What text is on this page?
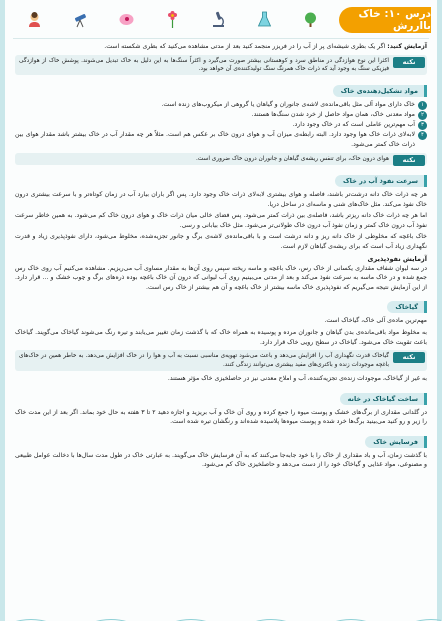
درس ۱۰: خاک بااررش

آزمایش کنید: اگر یک بطری شیشه‌ای پر از آب را در فریزر منجمد کنید بعد از مدتی مشاهده می‌کنید که بطری شکسته است.

نکته
اکثرا این نوع هوازدگی در مناطق سرد و کوهستانی بیشتر صورت می‌گیرد و اکثراً سنگ‌ها به این دلیل به خاک تبدیل می‌شوند. پوشش خاک از هوازدگی فیزیکی سنگ به وجود آید که ذرات خاک همرنگ سنگ تولیدکننده‌ی آن خواهد بود.
مواد تشکیل‌دهنده‌ی خاک
۱
خاک دارای مواد آلی مثل باقی‌مانده‌ی لاشه‌ی جانوران و گیاهان یا گروهی از میکروب‌های زنده است.
۲
مواد معدنی خاک، همان مواد حاصل از خرد شدن سنگ‌ها هستند.
۳
آب مهم‌ترین عاملی است که در خاک وجود دارد.
۴
لابه‌لای ذرات خاک هوا وجود دارد. البته رابطه‌ی میزان آب و هوای درون خاک بر عکس هم است. مثلاً هر چه مقدار آب در خاک بیشتر باشد مقدار هوای بین ذرات خاک کمتر می‌شود.
نکته
هوای درون خاک، برای تنفس ریشه‌ی گیاهان و جانوران درون خاک ضروری است.
سرعت نفوذ آب در خاک

هر چه ذرات خاک دانه درشت‌تر باشند، فاصله و هوای بیشتری لابه‌لای ذرات خاک وجود دارد. پس اگر باران بیارد آب در زمان کوتاه‌تر و با سرعت بیشتری درون خاک نفوذ می‌کند. مثل خاک‌های شنی و ماسه‌ای در ساحل دریا.

اما هر چه ذرات خاک دانه ریزتر باشد، فاصله‌ی بین ذرات کمتر می‌شود. پس فضای خالی میان ذرات خاک و هوای درون خاک کم می‌شود. به همین خاطر سرعت نفوذ آب درون خاک کمتر و زمان نفوذ آب درون خاک طولانی‌تر می‌شود. مثل خاک بیابانی و رسی.

خاک باغچه که مخلوطی از خاک دانه ریز و دانه درشت است و با باقی‌مانده‌ی لاشه‌ی برگ و جانور تجزیه‌شده، مخلوط می‌شود، دارای نفوذپذیری زیاد و قدرت نگهداری زیاد آب است که برای ریشه‌ی گیاهان لازم است.

آزمایش نفوذپذیری

در سه لیوان شفاف مقداری یکسانی از خاک رس، خاک باغچه و ماسه ریخته سپس روی آن‌ها به مقدار مساوی آب می‌ریزیم. مشاهده می‌کنیم آب روی خاک رس جمع شده و در خاک ماسه به سرعت نفوذ می‌کند و بعد از مدتی می‌بینیم روی آب لیوانی که درون آن خاک باغچه بوده ذره‌های برگ و چوب خشک و ... قرار دارد. از این آزمایش نتیجه می‌گیریم که نفوذپذیری خاک ماسه بیشتر از خاک باغچه و آن هم بیشتر از خاک رس است.

گیاخاک

مهم‌ترین ماده‌ی آلی خاک، گیاخاک است.

به مخلوط مواد باقی‌مانده‌ی بدن گیاهان و جانوران مرده و پوسیده به همراه خاک که با گذشت زمان تغییر می‌یابند و تیره رنگ می‌شوند گیاخاک می‌گویند. گیاخاک باعث تقویت خاک می‌شود. گیاخاک در سطح رویی خاک قرار دارد.

نکته
گیاخاک قدرت نگهداری آب را افزایش می‌دهد و باعث می‌شود تهویه‌ی مناسبی نسبت به آب و هوا را در خاک افزایش می‌دهد. به خاطر همین در خاک‌های باغچه موجودات زنده و باکتری‌های مفید بیشتری می‌توانند زندگی کنند.

به غیر از گیاخاک، موجودات زنده‌ی تجزیه‌کننده، آب و املاح معدنی نیز در حاصلخیزی خاک مؤثر هستند.

ساخت گیاخاک در خانه

در گلدانی مقداری از برگ‌های خشک و پوست میوه را جمع کرده و روی آن خاک و آب بریزید و اجازه دهید ۲ تا ۳ هفته به حال خود بماند. اگر بعد از این مدت خاک را زیر و رو کنید می‌بینید برگ‌ها خرد شده و پوست میوه‌ها پلاسیده شده‌اند و رنگشان تیره شده است.

فرسایش خاک

با گذشت زمان، آب و باد مقداری از خاک را با خود جابه‌جا می‌کنند که به آن فرسایش خاک می‌گویند. به عبارتی خاک در طول مدت سال‌ها با دخالت عوامل طبیعی و مصنوعی، مواد غذایی و گیاخاک خود را از دست می‌دهد و حاصلخیزی خاک کم می‌شود.
